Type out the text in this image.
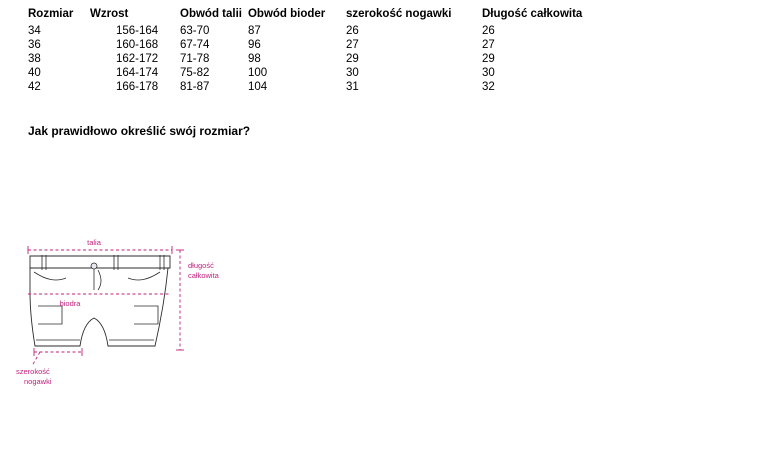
Rozmiar	Wzrost	Obwód talii	Obwód bioder	szerokość nogawki	Długość całkowita
34	156-164	63-70	87	26	26
36	160-168	67-74	96	27	27
38	162-172	71-78	98	29	29
40	164-174	75-82	100	30	30
42	166-178	81-87	104	31	32
Jak prawidłowo określić swój rozmiar?
talia
długość
całkowita
biodra
szerokość
nogawki
